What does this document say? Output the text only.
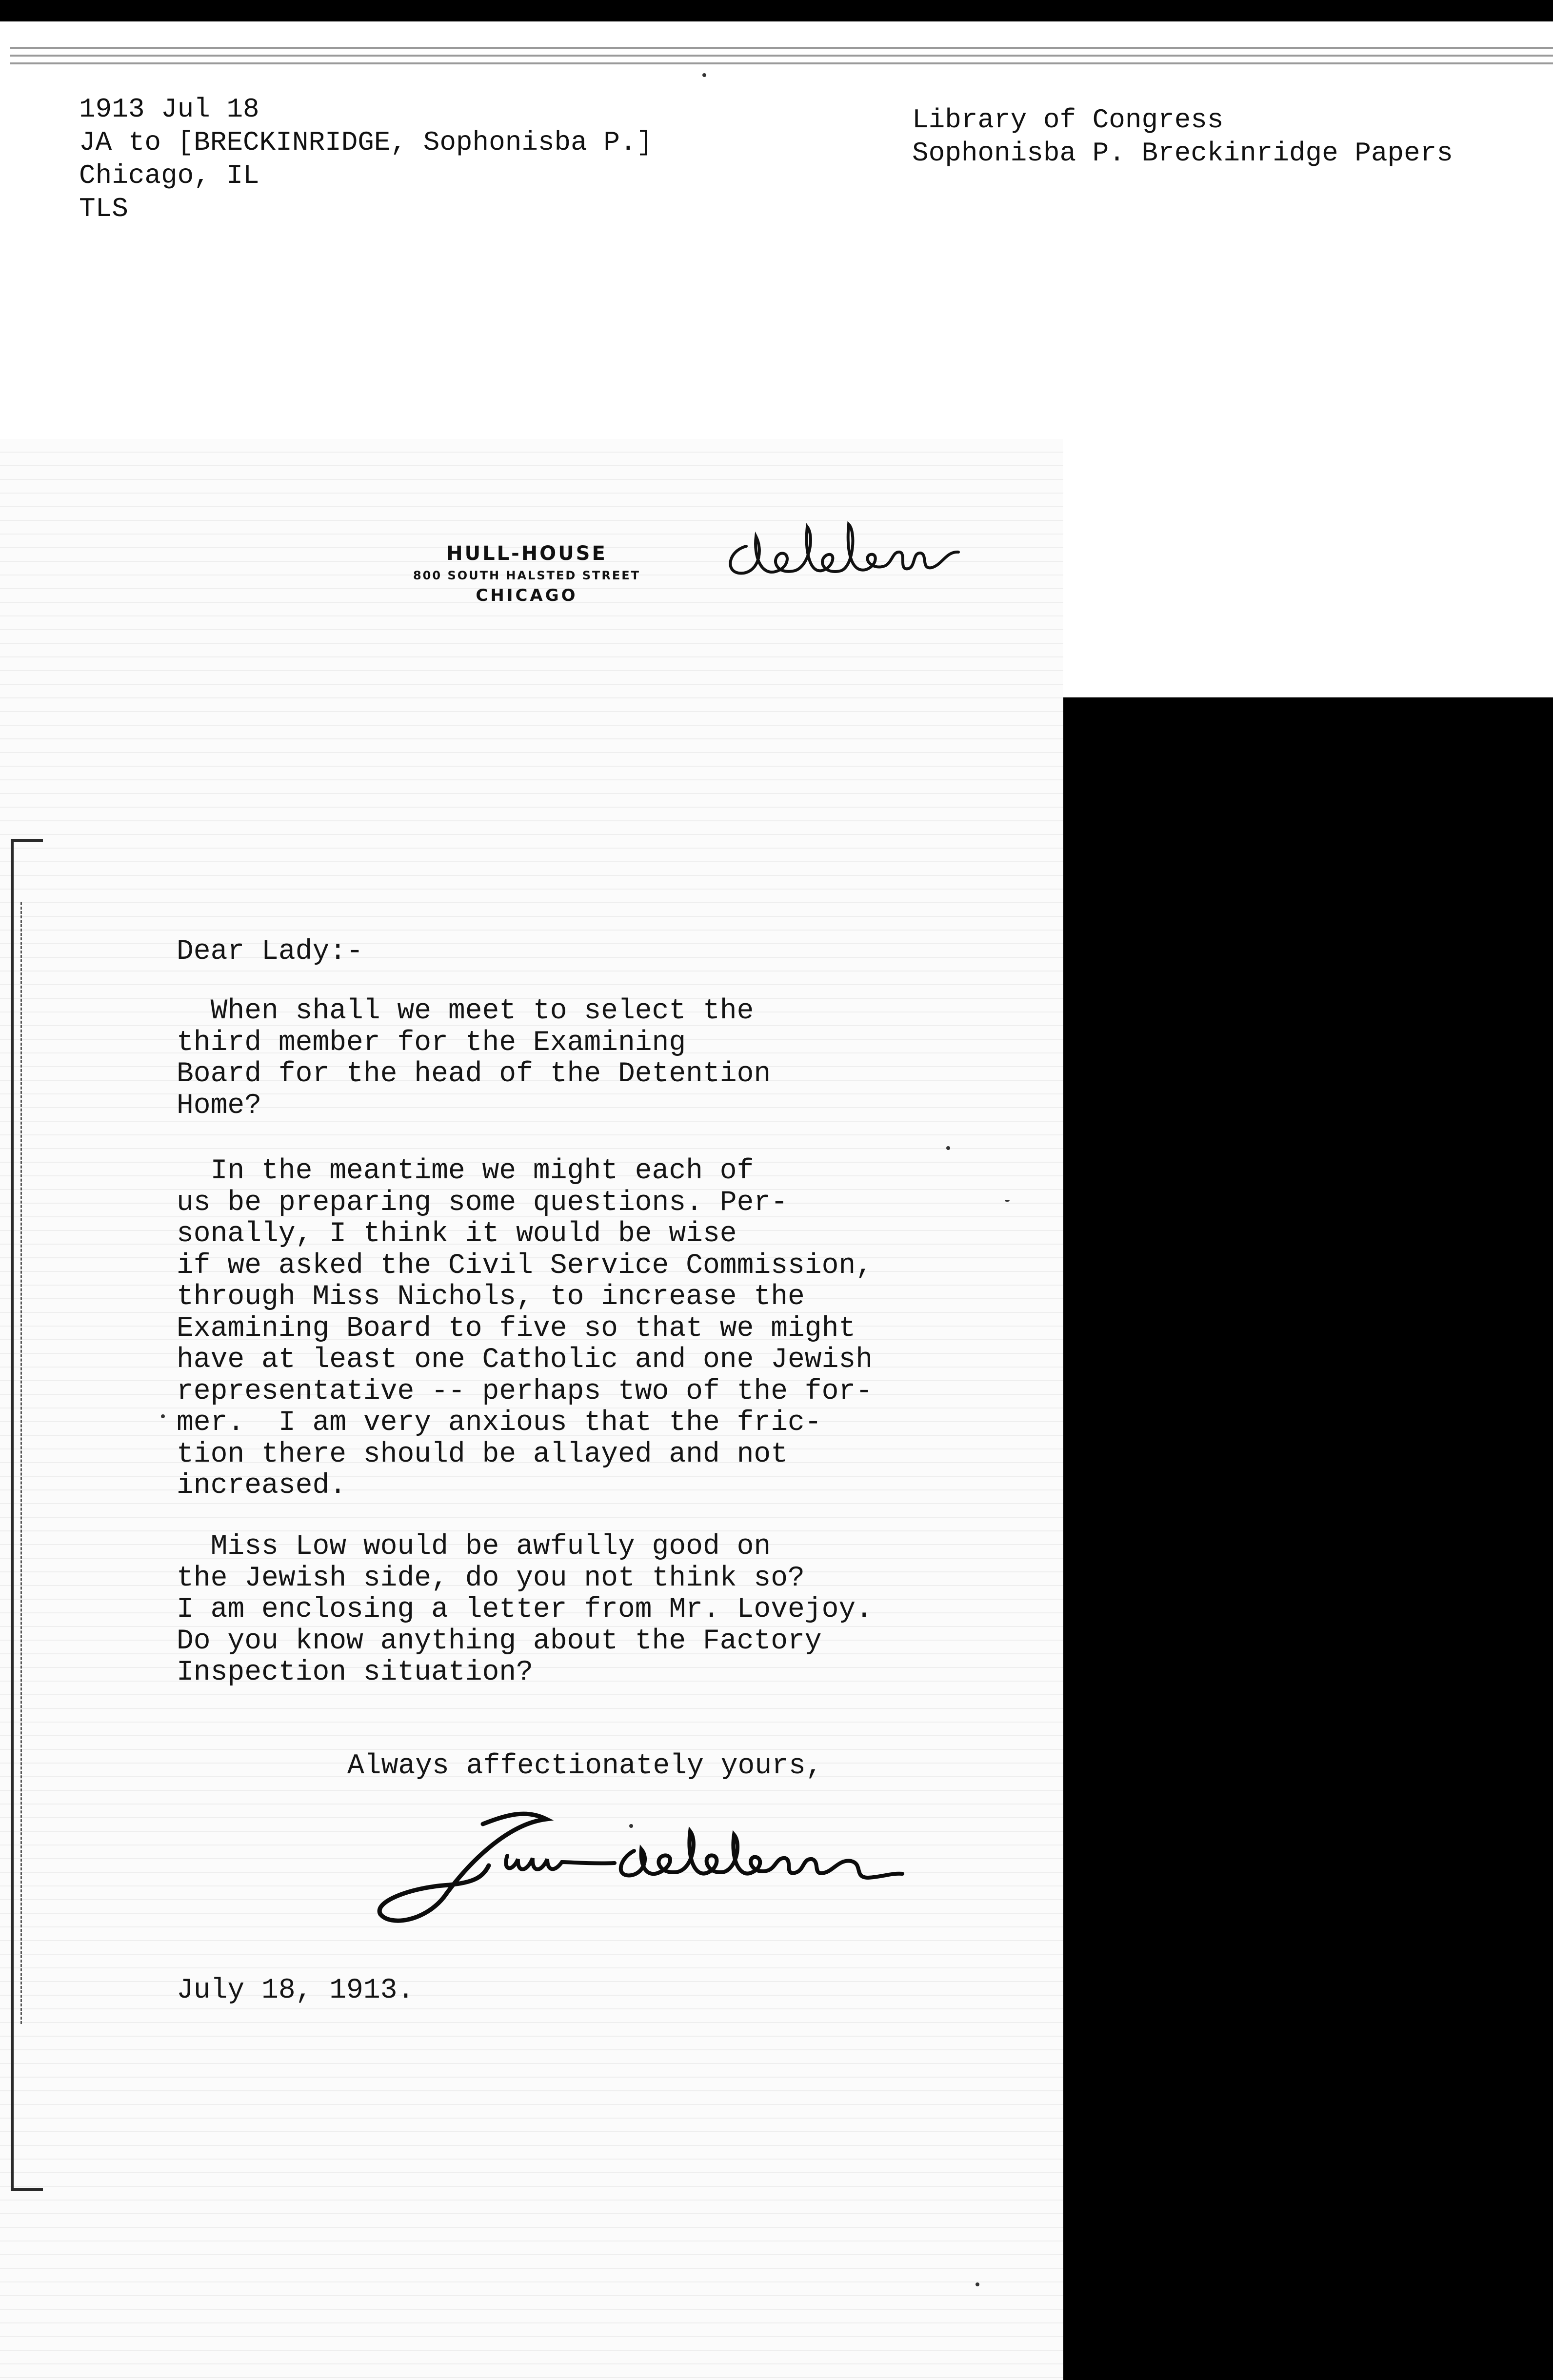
1913 Jul 18
JA to [BRECKINRIDGE, Sophonisba P.]
Chicago, IL
TLS
Library of Congress
Sophonisba P. Breckinridge Papers
HULL-HOUSE
800 SOUTH HALSTED STREET
CHICAGO
Dear Lady:-
When shall we meet to select the
third member for the Examining
Board for the head of the Detention
Home?
In the meantime we might each of
us be preparing some questions. Per-
sonally, I think it would be wise
if we asked the Civil Service Commission,
through Miss Nichols, to increase the
Examining Board to five so that we might
have at least one Catholic and one Jewish
representative -- perhaps two of the for-
mer.  I am very anxious that the fric-
tion there should be allayed and not
increased.
Miss Low would be awfully good on
the Jewish side, do you not think so?
I am enclosing a letter from Mr. Lovejoy.
Do you know anything about the Factory
Inspection situation?
Always affectionately yours,
July 18, 1913.
